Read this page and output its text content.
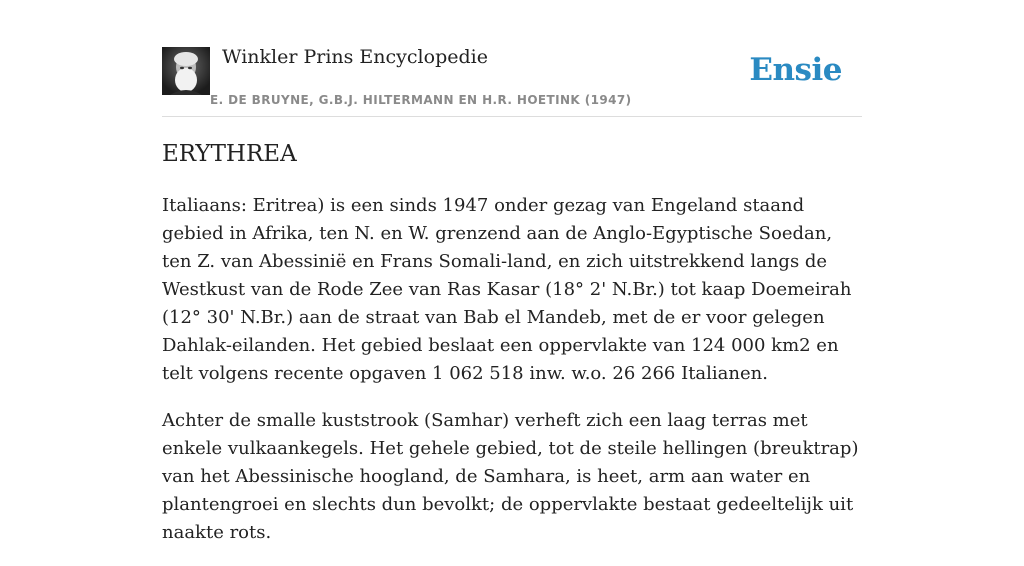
Winkler Prins Encyclopedie
E. DE BRUYNE, G.B.J. HILTERMANN EN H.R. HOETINK (1947)
Ensie
ERYTHREA

Italiaans: Eritrea) is een sinds 1947 onder gezag van Engeland staand gebied in Afrika, ten N. en W. grenzend aan de Anglo-Egyptische Soedan, ten Z. van Abessinië en Frans Somali-land, en zich uitstrekkend langs de Westkust van de Rode Zee van Ras Kasar (18° 2' N.Br.) tot kaap Doemeirah (12° 30' N.Br.) aan de straat van Bab el Mandeb, met de er voor gelegen Dahlak-eilanden. Het gebied beslaat een oppervlakte van 124 000 km2 en telt volgens recente opgaven 1 062 518 inw. w.o. 26 266 Italianen.

Achter de smalle kuststrook (Samhar) verheft zich een laag terras met enkele vulkaankegels. Het gehele gebied, tot de steile hellingen (breuktrap) van het Abessinische hoogland, de Samhara, is heet, arm aan water en plantengroei en slechts dun bevolkt; de oppervlakte bestaat gedeeltelijk uit naakte rots.
